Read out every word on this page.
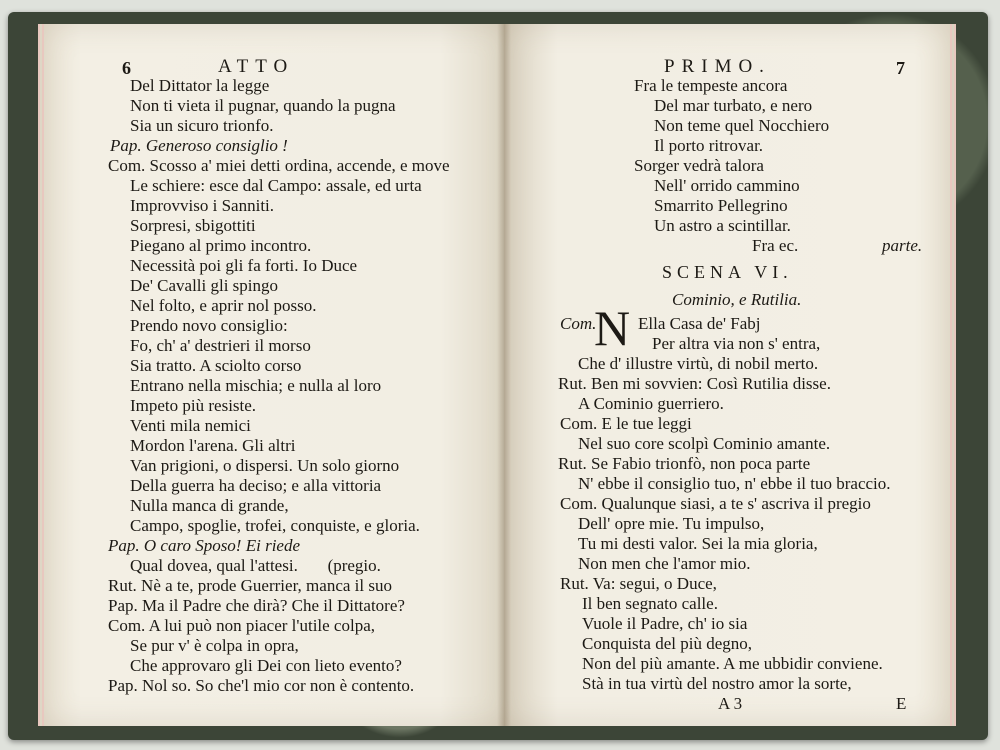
6	ATTO
Del Dittator la legge
Non ti vieta il pugnar, quando la pugna
Sia un sicuro trionfo.
Pap. Generoso consiglio !
Com. Scosso a' miei detti ordina, accende, e move
Le schiere: esce dal Campo: assale, ed urta
Improvviso i Sanniti.
Sorpresi, sbigottiti
Piegano al primo incontro.
Necessità poi gli fa forti. Io Duce
De' Cavalli gli spingo
Nel folto, e aprir nol posso.
Prendo novo consiglio:
Fo, ch' a' destrieri il morso
Sia tratto. A sciolto corso
Entrano nella mischia; e nulla al loro
Impeto più resiste.
Venti mila nemici
Mordon l'arena. Gli altri
Van prigioni, o dispersi. Un solo giorno
Della guerra ha deciso; e alla vittoria
Nulla manca di grande,
Campo, spoglie, trofei, conquiste, e gloria.
Pap. O caro Sposo! Ei riede
Qual dovea, qual l'attesi.       (pregio.
Rut. Nè a te, prode Guerrier, manca il suo
Pap. Ma il Padre che dirà? Che il Dittatore?
Com. A lui può non piacer l'utile colpa,
Se pur v' è colpa in opra,
Che approvaro gli Dei con lieto evento?
Pap. Nol so. So che'l mio cor non è contento.
PRIMO.	7
Fra le tempeste ancora
Del mar turbato, e nero
Non teme quel Nocchiero
Il porto ritrovar.
Sorger vedrà talora
Nell' orrido cammino
Smarrito Pellegrino
Un astro a scintillar.
Fra ec.	parte.
SCENA VI.
Cominio, e Rutilia.
Com.
N Ella Casa de' Fabj
Per altra via non s' entra,
Che d' illustre virtù, di nobil merto.
Rut. Ben mi sovvien: Così Rutilia disse.
A Cominio guerriero.
Com. E le tue leggi
Nel suo core scolpì Cominio amante.
Rut. Se Fabio trionfò, non poca parte
N' ebbe il consiglio tuo, n' ebbe il tuo braccio.
Com. Qualunque siasi, a te s' ascriva il pregio
Dell' opre mie. Tu impulso,
Tu mi desti valor. Sei la mia gloria,
Non men che l'amor mio.
Rut. Va: segui, o Duce,
Il ben segnato calle.
Vuole il Padre, ch' io sia
Conquista del più degno,
Non del più amante. A me ubbidir conviene.
Stà in tua virtù del nostro amor la sorte,
A 3	E
